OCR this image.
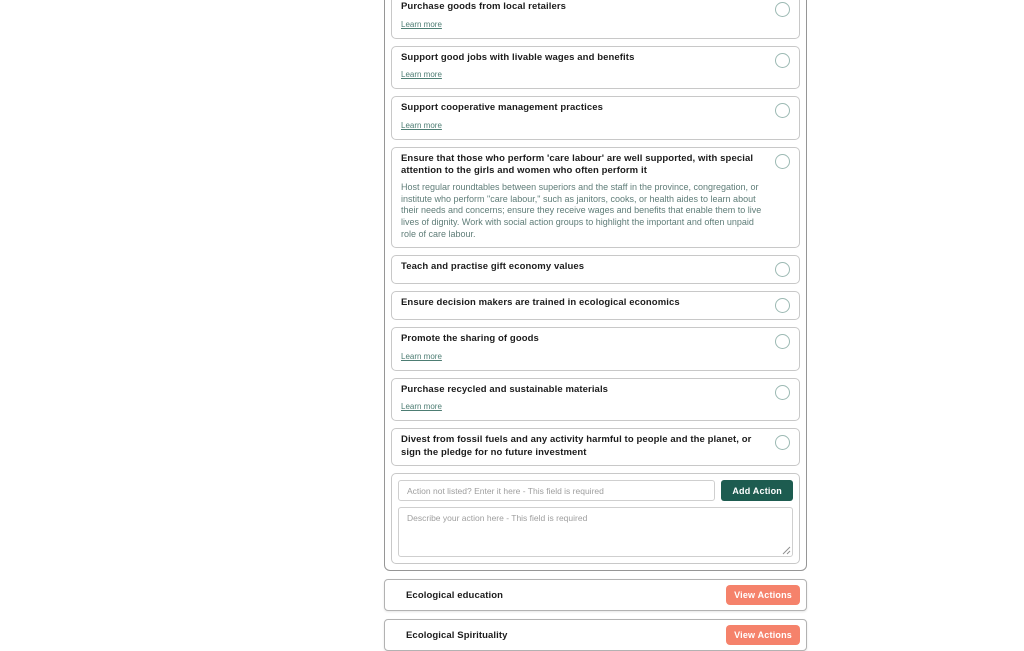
Purchase goods from local retailers
Learn more
Support good jobs with livable wages and benefits
Learn more
Support cooperative management practices
Learn more
Ensure that those who perform 'care labour' are well supported, with special attention to the girls and women who often perform it
Host regular roundtables between superiors and the staff in the province, congregation, or institute who perform "care labour," such as janitors, cooks, or health aides to learn about their needs and concerns; ensure they receive wages and benefits that enable them to live lives of dignity. Work with social action groups to highlight the important and often unpaid role of care labour.
Teach and practise gift economy values
Ensure decision makers are trained in ecological economics
Promote the sharing of goods
Learn more
Purchase recycled and sustainable materials
Learn more
Divest from fossil fuels and any activity harmful to people and the planet, or sign the pledge for no future investment
Action not listed? Enter it here - This field is required
Add Action
Describe your action here - This field is required
Ecological education	View Actions
Ecological Spirituality	View Actions
